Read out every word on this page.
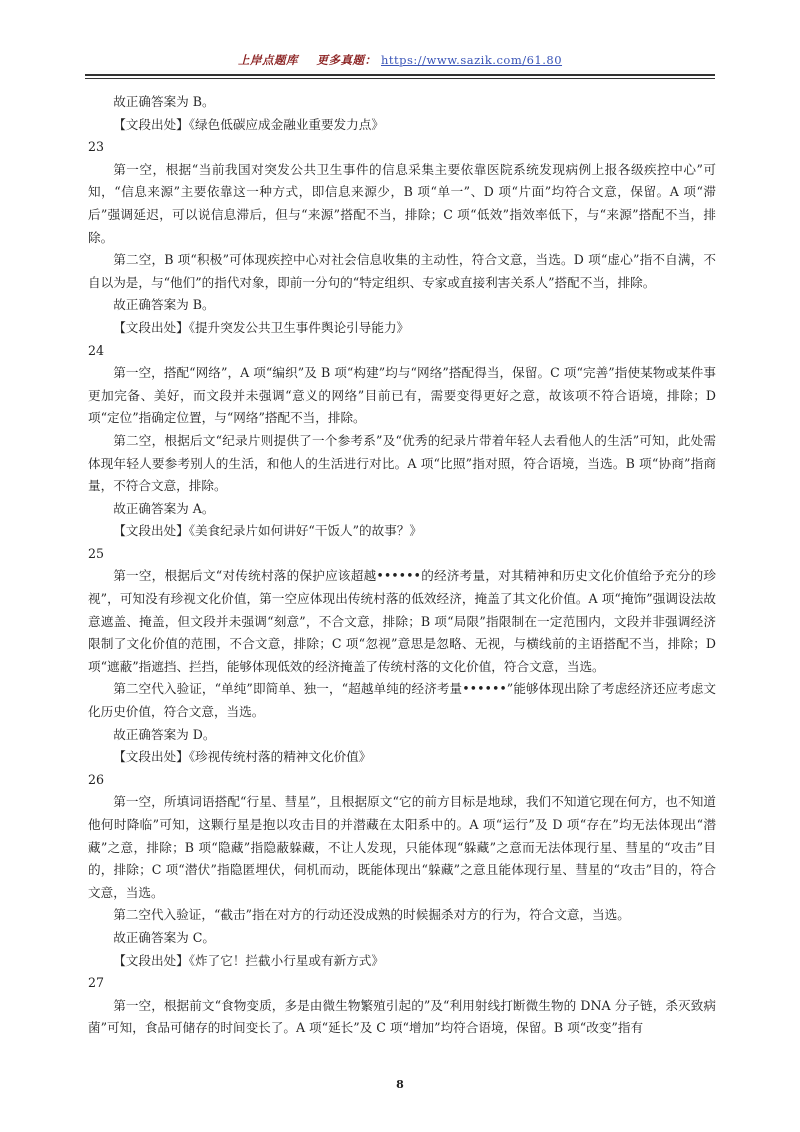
上岸点题库 更多真题： https://www.sazik.com/61.80

故正确答案为 B。

【文段出处】《绿色低碳应成金融业重要发力点》

23

第一空，根据“当前我国对突发公共卫生事件的信息采集主要依靠医院系统发现病例上报各级疾控中心”可知，“信息来源”主要依靠这一种方式，即信息来源少，B 项“单一”、D 项“片面”均符合文意，保留。A 项“滞后”强调延迟，可以说信息滞后，但与“来源”搭配不当，排除；C 项“低效”指效率低下，与“来源”搭配不当，排除。

第二空，B 项“积极”可体现疾控中心对社会信息收集的主动性，符合文意，当选。D 项“虚心”指不自满，不自以为是，与“他们”的指代对象，即前一分句的“特定组织、专家或直接利害关系人”搭配不当，排除。

故正确答案为 B。

【文段出处】《提升突发公共卫生事件舆论引导能力》

24

第一空，搭配“网络”，A 项“编织”及 B 项“构建”均与“网络”搭配得当，保留。C 项“完善”指使某物或某件事更加完备、美好，而文段并未强调“意义的网络”目前已有，需要变得更好之意，故该项不符合语境，排除；D 项“定位”指确定位置，与“网络”搭配不当，排除。

第二空，根据后文“纪录片则提供了一个参考系”及“优秀的纪录片带着年轻人去看他人的生活”可知，此处需体现年轻人要参考别人的生活，和他人的生活进行对比。A 项“比照”指对照，符合语境，当选。B 项“协商”指商量，不符合文意，排除。

故正确答案为 A。

【文段出处】《美食纪录片如何讲好“干饭人”的故事？》

25

第一空，根据后文“对传统村落的保护应该超越••••••的经济考量，对其精神和历史文化价值给予充分的珍视”，可知没有珍视文化价值，第一空应体现出传统村落的低效经济，掩盖了其文化价值。A 项“掩饰”强调设法故意遮盖、掩盖，但文段并未强调“刻意”，不合文意，排除；B 项“局限”指限制在一定范围内，文段并非强调经济限制了文化价值的范围，不合文意，排除；C 项“忽视”意思是忽略、无视，与横线前的主语搭配不当，排除；D 项“遮蔽”指遮挡、拦挡，能够体现低效的经济掩盖了传统村落的文化价值，符合文意，当选。

第二空代入验证，“单纯”即简单、独一，“超越单纯的经济考量••••••”能够体现出除了考虑经济还应考虑文化历史价值，符合文意，当选。

故正确答案为 D。

【文段出处】《珍视传统村落的精神文化价值》

26

第一空，所填词语搭配“行星、彗星”，且根据原文“它的前方目标是地球，我们不知道它现在何方，也不知道他何时降临”可知，这颗行星是抱以攻击目的并潜藏在太阳系中的。A 项“运行”及 D 项“存在”均无法体现出“潜藏”之意，排除；B 项“隐藏”指隐蔽躲藏，不让人发现，只能体现“躲藏”之意而无法体现行星、彗星的“攻击”目的，排除；C 项“潜伏”指隐匿埋伏，伺机而动，既能体现出“躲藏”之意且能体现行星、彗星的“攻击”目的，符合文意，当选。

第二空代入验证，“截击”指在对方的行动还没成熟的时候掘杀对方的行为，符合文意，当选。

故正确答案为 C。

【文段出处】《炸了它！拦截小行星或有新方式》

27

第一空，根据前文“食物变质，多是由微生物繁殖引起的”及“利用射线打断微生物的 DNA 分子链，杀灭致病菌”可知，食品可储存的时间变长了。A 项“延长”及 C 项“增加”均符合语境，保留。B 项“改变”指有

8
